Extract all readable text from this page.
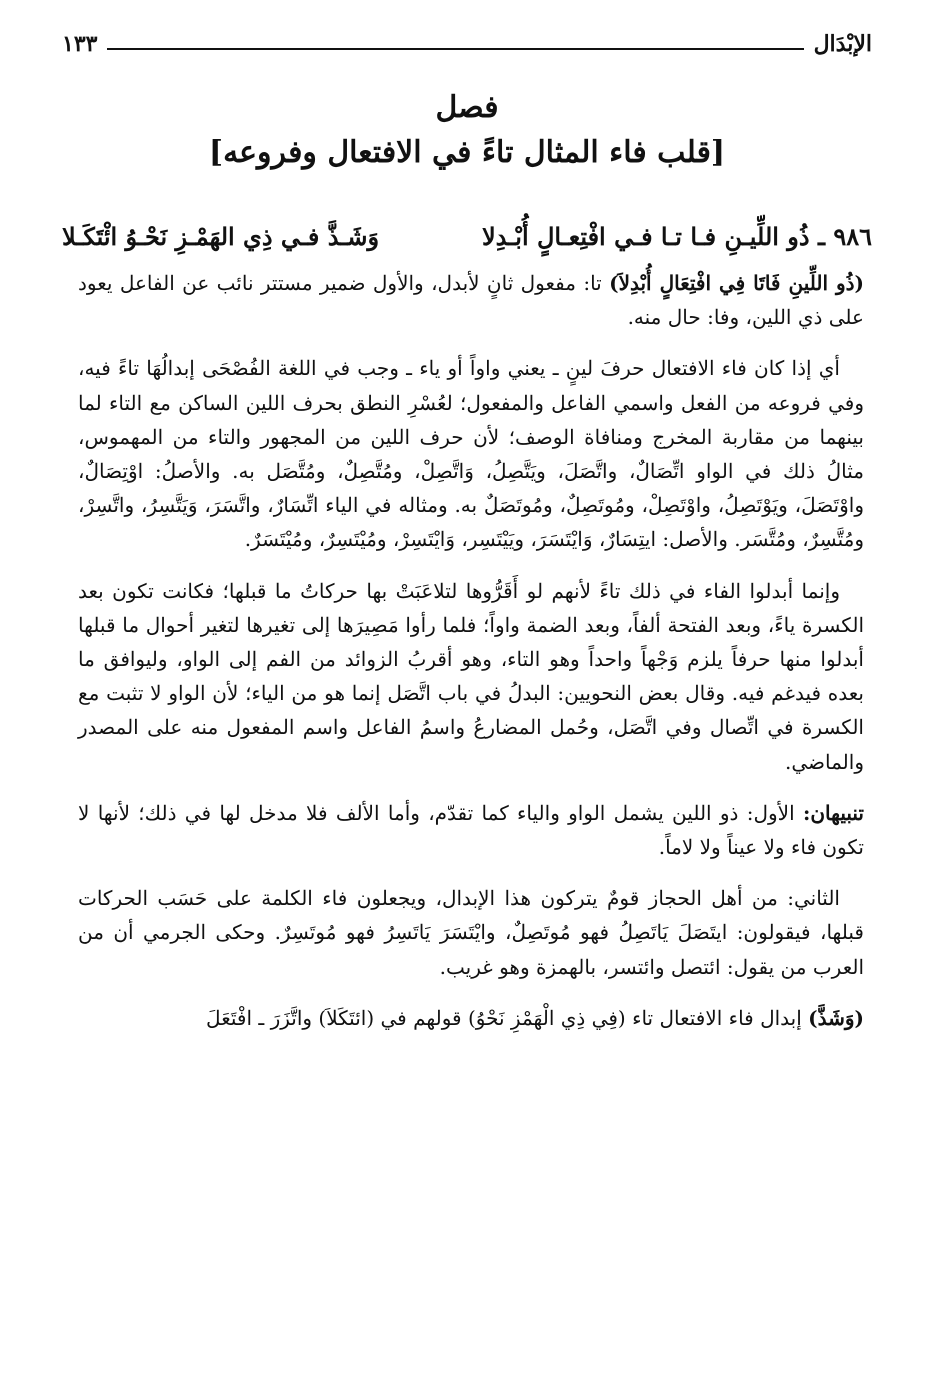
الإبْدَال
١٣٣
فصل
[قلب فاء المثال تاءً في الافتعال وفروعه]
٩٨٦ ـ ذُو اللِّيـنِ فـا تـا فـي افْتِعـالٍ أُبْـدِلا
وَشَـذَّ فـي ذِي الهَمْـزِ نَحْـوُ ائْتَكَـلا

(ذُو اللِّينِ فَاتَا فِي افْتِعَالٍ أُبْدِلاَ) تا: مفعول ثانٍ لأبدل، والأول ضمير مستتر نائب عن الفاعل يعود على ذي اللين، وفا: حال منه.

أي إذا كان فاء الافتعال حرفَ لينٍ ـ يعني واواً أو ياء ـ وجب في اللغة الفُصْحَى إبدالُهَا تاءً فيه، وفي فروعه من الفعل واسمي الفاعل والمفعول؛ لعُسْرِ النطق بحرف اللين الساكن مع التاء لما بينهما من مقاربة المخرج ومنافاة الوصف؛ لأن حرف اللين من المجهور والتاء من المهموس، مثالُ ذلك في الواو اتِّصَالٌ، واتَّصَلَ، ويَتَّصِلُ، وَاتَّصِلْ، ومُتَّصِلٌ، ومُتَّصَل به. والأصلُ: اوْتِصَالٌ، واوْتَصَلَ، ويَوْتَصِلُ، واوْتَصِلْ، ومُوتَصِلٌ، ومُوتَصَلٌ به. ومثاله في الياء اتِّسَارٌ، واتَّسَرَ، وَيَتَّسِرُ، واتَّسِرْ، ومُتَّسِرٌ، ومُتَّسَر. والأصل: ايتِسَارٌ، وَايْتَسَرَ، ويَيْتَسِر، وَايْتَسِرْ، ومُيْتَسِرٌ، ومُيْتَسَرٌ.

وإنما أبدلوا الفاء في ذلك تاءً لأنهم لو أَقَرُّوها لتلاعَبَتْ بها حركاتُ ما قبلها؛ فكانت تكون بعد الكسرة ياءً، وبعد الفتحة ألفاً، وبعد الضمة واواً؛ فلما رأوا مَصِيرَها إلى تغيرها لتغير أحوال ما قبلها أبدلوا منها حرفاً يلزم وَجْهاً واحداً وهو التاء، وهو أقربُ الزوائد من الفم إلى الواو، وليوافق ما بعده فيدغم فيه. وقال بعض النحويين: البدلُ في باب اتَّصَل إنما هو من الياء؛ لأن الواو لا تثبت مع الكسرة في اتِّصال وفي اتَّصَل، وحُمل المضارعُ واسمُ الفاعل واسم المفعول منه على المصدر والماضي.

تنبيهان: الأول: ذو اللين يشمل الواو والياء كما تقدّم، وأما الألف فلا مدخل لها في ذلك؛ لأنها لا تكون فاء ولا عيناً ولا لاماً.

الثاني: من أهل الحجاز قومٌ يتركون هذا الإبدال، ويجعلون فاء الكلمة على حَسَب الحركات قبلها، فيقولون: ايتَصَلَ يَاتَصِلُ فهو مُوتَصِلٌ، وايْتَسَرَ يَاتَسِرُ فهو مُوتَسِرٌ. وحكى الجرمي أن من العرب من يقول: ائتصل وائتسر، بالهمزة وهو غريب.

(وَشَذَّ) إبدال فاء الافتعال تاء (فِي ذِي الْهَمْزِ نَحْوُ) قولهم في (ائتَكَلاَ) واتَّزَرَ ـ افْتَعَلَ
